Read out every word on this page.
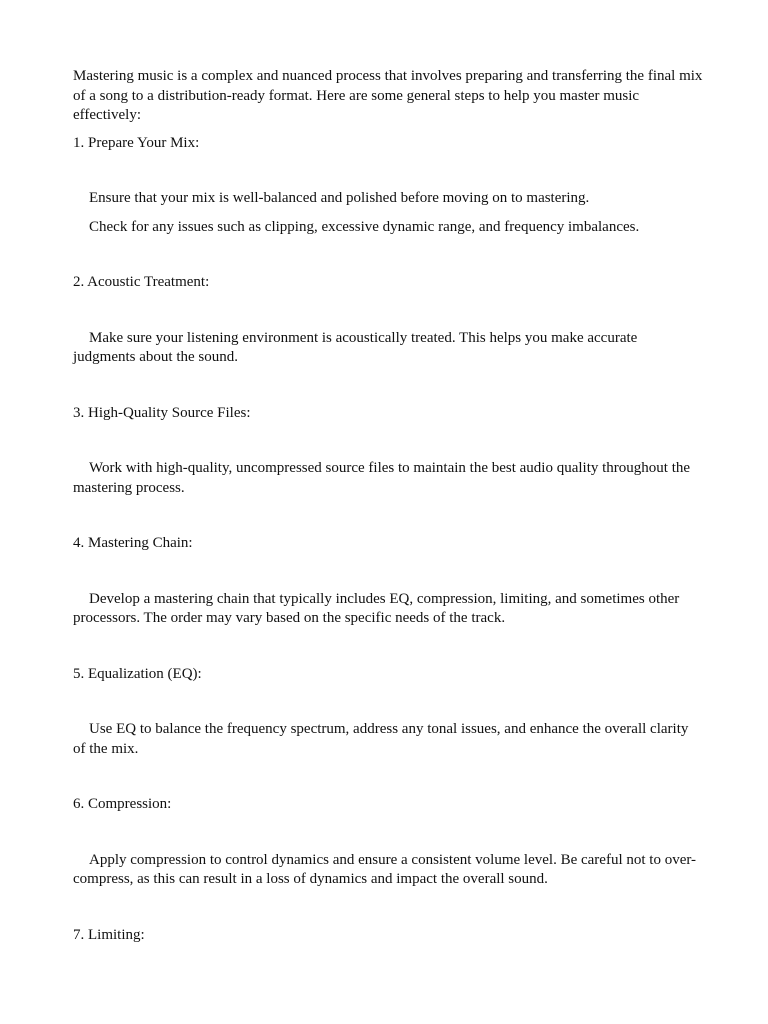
Mastering music is a complex and nuanced process that involves preparing and transferring the final mix of a song to a distribution-ready format. Here are some general steps to help you master music effectively:

1. Prepare Your Mix:

Ensure that your mix is well-balanced and polished before moving on to mastering.

Check for any issues such as clipping, excessive dynamic range, and frequency imbalances.

2. Acoustic Treatment:

Make sure your listening environment is acoustically treated. This helps you make accurate judgments about the sound.

3. High-Quality Source Files:

Work with high-quality, uncompressed source files to maintain the best audio quality throughout the mastering process.

4. Mastering Chain:

Develop a mastering chain that typically includes EQ, compression, limiting, and sometimes other processors. The order may vary based on the specific needs of the track.

5. Equalization (EQ):

Use EQ to balance the frequency spectrum, address any tonal issues, and enhance the overall clarity of the mix.

6. Compression:

Apply compression to control dynamics and ensure a consistent volume level. Be careful not to over-compress, as this can result in a loss of dynamics and impact the overall sound.

7. Limiting:
